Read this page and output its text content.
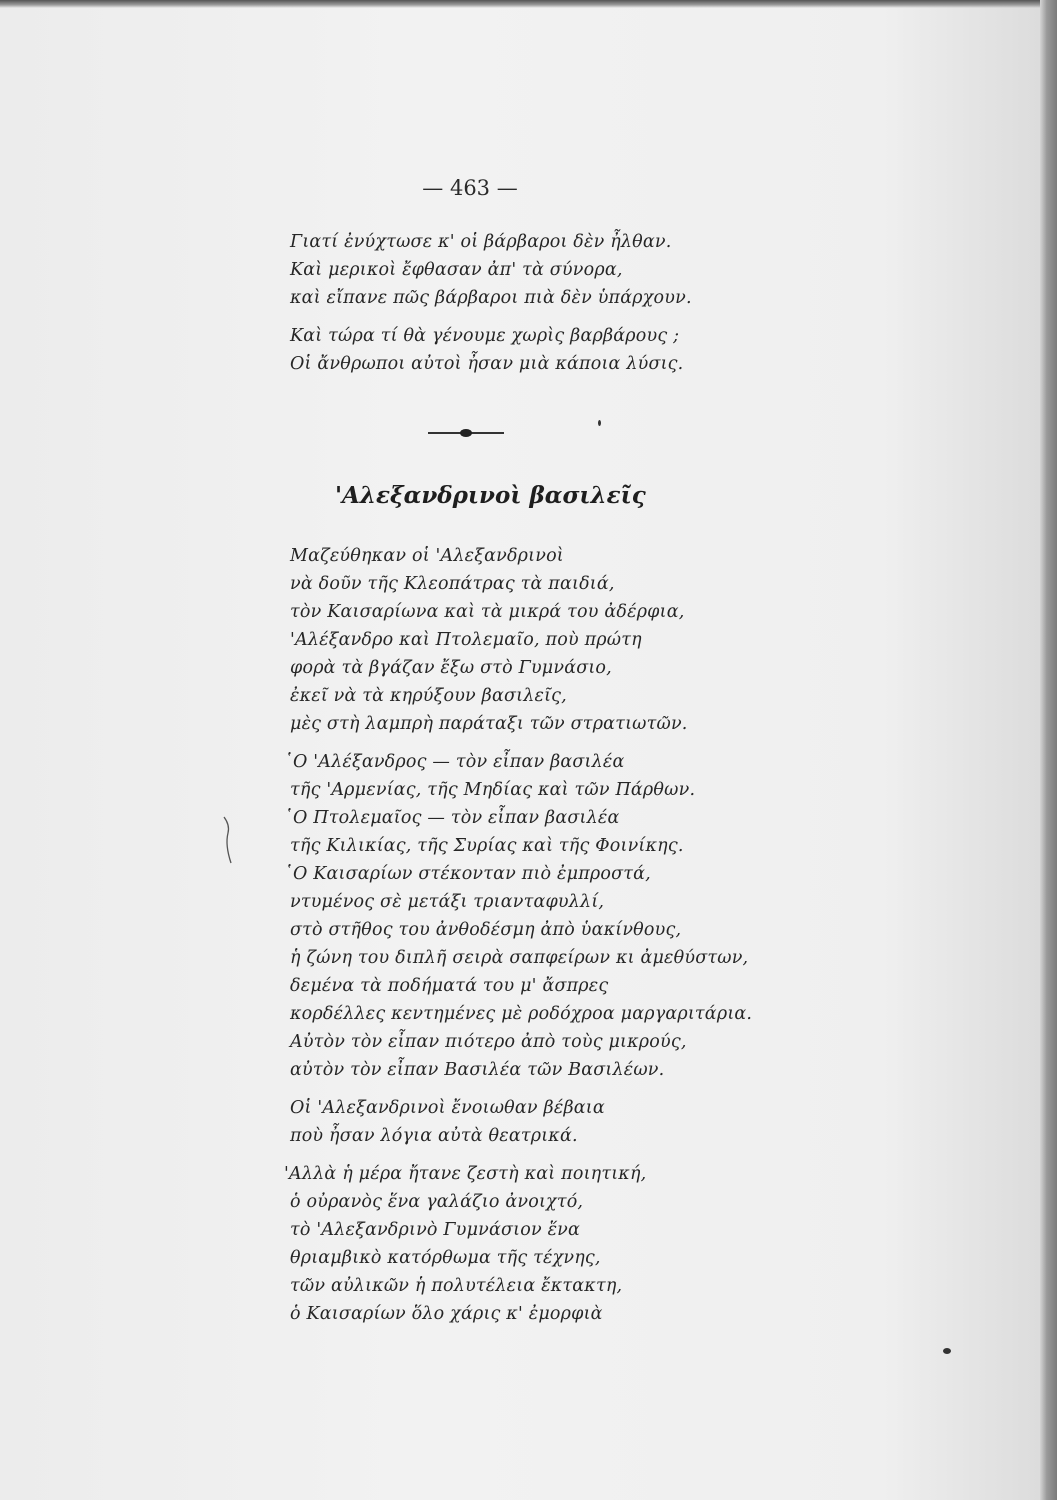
— 463 —
Γιατί ἐνύχτωσε κ' οἱ βάρβαροι δὲν ἦλθαν.
Καὶ μερικοὶ ἔφθασαν ἀπ' τὰ σύνορα,
καὶ εἴπανε πῶς βάρβαροι πιὰ δὲν ὑπάρχουν.
Καὶ τώρα τί θὰ γένουμε χωρὶς βαρβάρους ;
Οἱ ἄνθρωποι αὐτοὶ ἦσαν μιὰ κάποια λύσις.
'Αλεξανδρινοὶ βασιλεῖς
Μαζεύθηκαν οἱ 'Αλεξανδρινοὶ
νὰ δοῦν τῆς Κλεοπάτρας τὰ παιδιά,
τὸν Καισαρίωνα καὶ τὰ μικρά του ἀδέρφια,
'Αλέξανδρο καὶ Πτολεμαῖο, ποὺ πρώτη
φορὰ τὰ βγάζαν ἔξω στὸ Γυμνάσιο,
ἐκεῖ νὰ τὰ κηρύξουν βασιλεῖς,
μὲς στὴ λαμπρὴ παράταξι τῶν στρατιωτῶν.
῾Ο 'Αλέξανδρος — τὸν εἶπαν βασιλέα
τῆς 'Αρμενίας, τῆς Μηδίας καὶ τῶν Πάρθων.
῾Ο Πτολεμαῖος — τὸν εἶπαν βασιλέα
τῆς Κιλικίας, τῆς Συρίας καὶ τῆς Φοινίκης.
῾Ο Καισαρίων στέκονταν πιὸ ἐμπροστά,
ντυμένος σὲ μετάξι τριανταφυλλί,
στὸ στῆθος του ἀνθοδέσμη ἀπὸ ὑακίνθους,
ἡ ζώνη του διπλῆ σειρὰ σαπφείρων κι ἀμεθύστων,
δεμένα τὰ ποδήματά του μ' ἄσπρες
κορδέλλες κεντημένες μὲ ροδόχροα μαργαριτάρια.
Αὐτὸν τὸν εἶπαν πιότερο ἀπὸ τοὺς μικρούς,
αὐτὸν τὸν εἶπαν Βασιλέα τῶν Βασιλέων.
Οἱ 'Αλεξανδρινοὶ ἔνοιωθαν βέβαια
ποὺ ἦσαν λόγια αὐτὰ θεατρικά.
'Αλλὰ ἡ μέρα ἤτανε ζεστὴ καὶ ποιητική,
ὁ οὐρανὸς ἕνα γαλάζιο ἀνοιχτό,
τὸ 'Αλεξανδρινὸ Γυμνάσιον ἕνα
θριαμβικὸ κατόρθωμα τῆς τέχνης,
τῶν αὐλικῶν ἡ πολυτέλεια ἔκτακτη,
ὁ Καισαρίων ὅλο χάρις κ' ἐμορφιὰ
